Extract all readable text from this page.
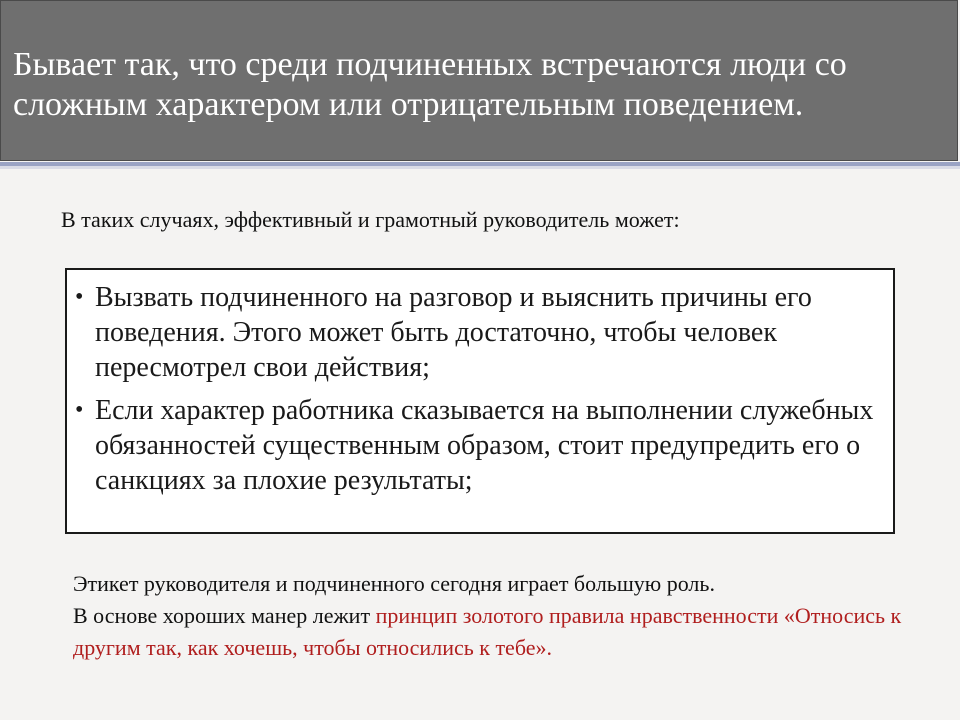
Бывает так, что среди подчиненных встречаются люди со сложным характером или отрицательным поведением.

В таких случаях, эффективный и грамотный руководитель может:

• Вызвать подчиненного на разговор и выяснить причины его поведения. Этого может быть достаточно, чтобы человек пересмотрел свои действия;
• Если характер работника сказывается на выполнении служебных обязанностей существенным образом, стоит предупредить его о санкциях за плохие результаты;

Этикет руководителя и подчиненного сегодня играет большую роль.
В основе хороших манер лежит принцип золотого правила нравственности «Относись к другим так, как хочешь, чтобы относились к тебе».
